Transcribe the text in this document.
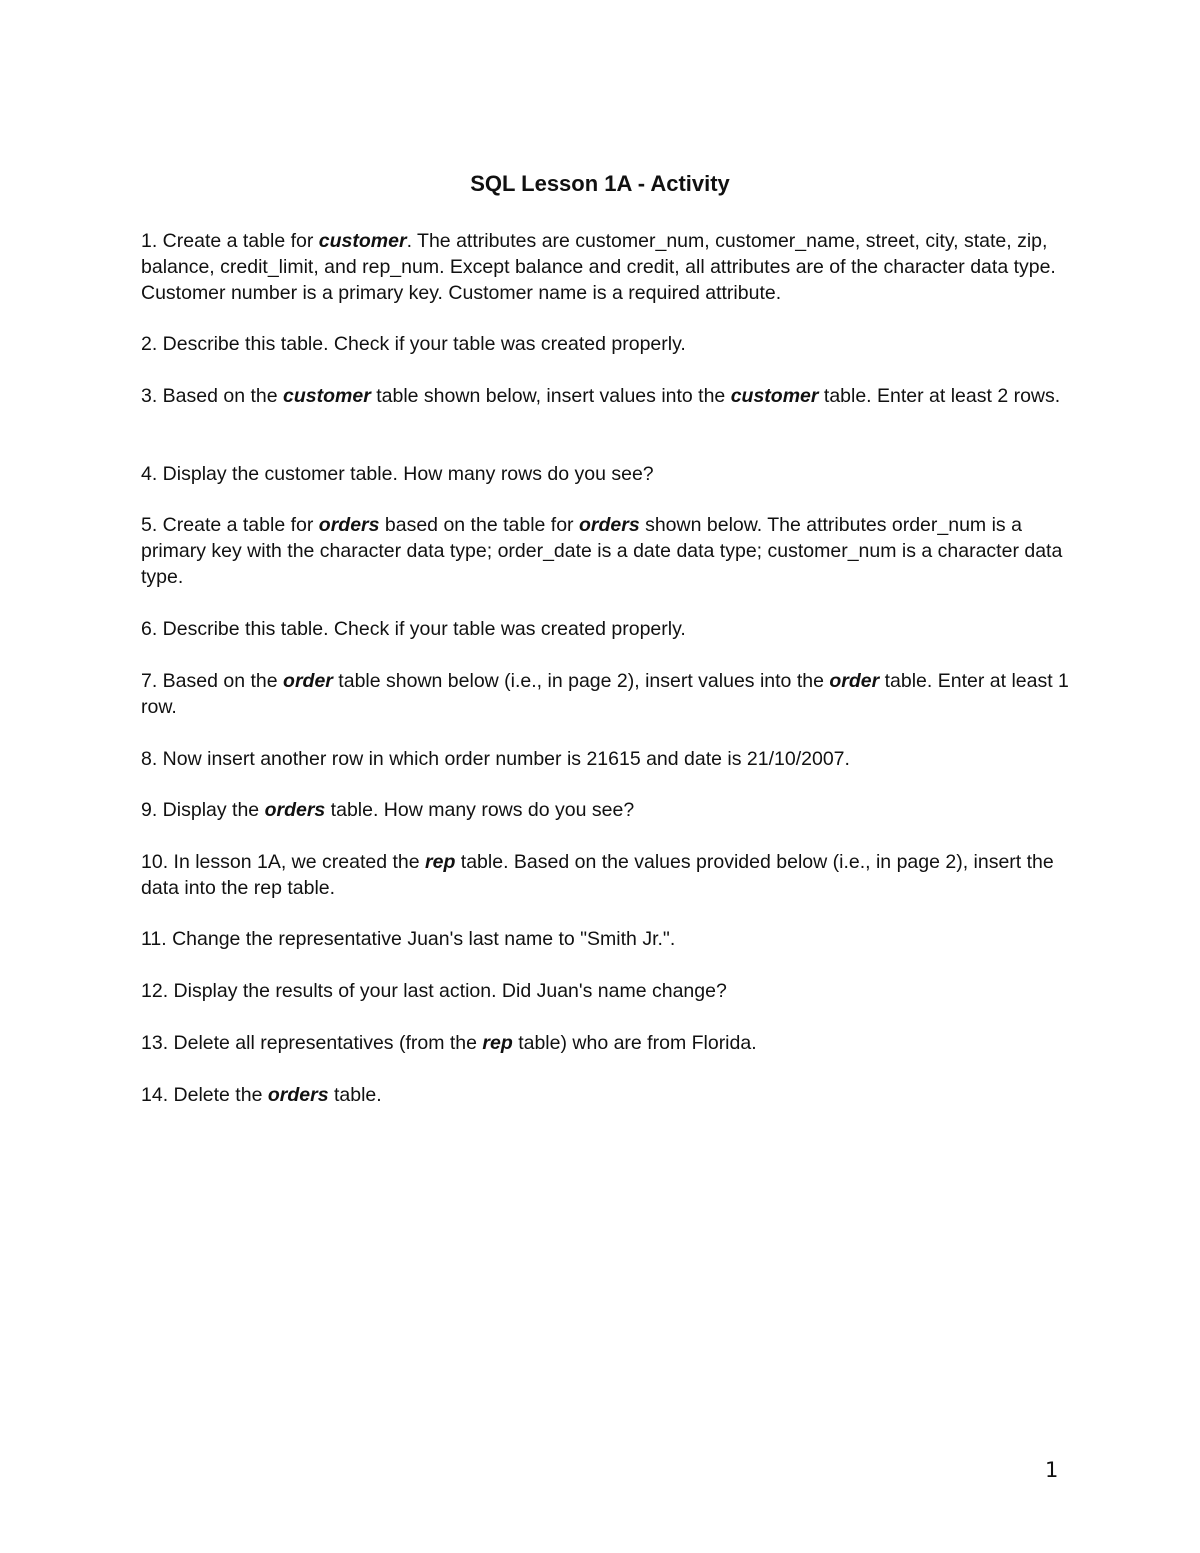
SQL Lesson 1A - Activity

1. Create a table for customer. The attributes are customer_num, customer_name, street, city, state, zip, balance, credit_limit, and rep_num. Except balance and credit, all attributes are of the character data type. Customer number is a primary key. Customer name is a required attribute.

2. Describe this table. Check if your table was created properly.

3. Based on the customer table shown below, insert values into the customer table. Enter at least 2 rows.

4. Display the customer table. How many rows do you see?

5. Create a table for orders based on the table for orders shown below. The attributes order_num is a primary key with the character data type; order_date is a date data type; customer_num is a character data type.

6. Describe this table. Check if your table was created properly.

7. Based on the order table shown below (i.e., in page 2), insert values into the order table. Enter at least 1 row.

8. Now insert another row in which order number is 21615 and date is 21/10/2007.

9. Display the orders table. How many rows do you see?

10. In lesson 1A, we created the rep table. Based on the values provided below (i.e., in page 2), insert the data into the rep table.

11. Change the representative Juan's last name to "Smith Jr.".

12. Display the results of your last action. Did Juan's name change?

13. Delete all representatives (from the rep table) who are from Florida.

14. Delete the orders table.

1
